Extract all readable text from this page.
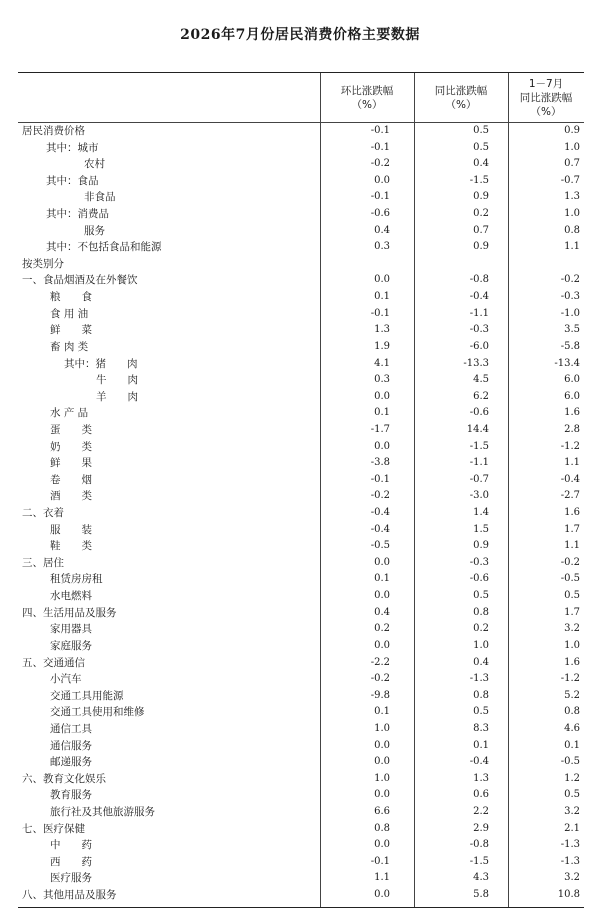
2026年7月份居民消费价格主要数据
环比涨跌幅
（%）
同比涨跌幅
（%）
1－7月
同比涨跌幅
（%）
居民消费价格	-0.1	0.5	0.9
其中：城市	-0.1	0.5	1.0
农村	-0.2	0.4	0.7
其中：食品	0.0	-1.5	-0.7
非食品	-0.1	0.9	1.3
其中：消费品	-0.6	0.2	1.0
服务	0.4	0.7	0.8
其中：不包括食品和能源	0.3	0.9	1.1
按类别分
一、食品烟酒及在外餐饮	0.0	-0.8	-0.2
粮　　食	0.1	-0.4	-0.3
食 用 油	-0.1	-1.1	-1.0
鲜　　菜	1.3	-0.3	3.5
畜 肉 类	1.9	-6.0	-5.8
其中：猪　　肉	4.1	-13.3	-13.4
牛　　肉	0.3	4.5	6.0
羊　　肉	0.0	6.2	6.0
水 产 品	0.1	-0.6	1.6
蛋　　类	-1.7	14.4	2.8
奶　　类	0.0	-1.5	-1.2
鲜　　果	-3.8	-1.1	1.1
卷　　烟	-0.1	-0.7	-0.4
酒　　类	-0.2	-3.0	-2.7
二、衣着	-0.4	1.4	1.6
服　　装	-0.4	1.5	1.7
鞋　　类	-0.5	0.9	1.1
三、居住	0.0	-0.3	-0.2
租赁房房租	0.1	-0.6	-0.5
水电燃料	0.0	0.5	0.5
四、生活用品及服务	0.4	0.8	1.7
家用器具	0.2	0.2	3.2
家庭服务	0.0	1.0	1.0
五、交通通信	-2.2	0.4	1.6
小汽车	-0.2	-1.3	-1.2
交通工具用能源	-9.8	0.8	5.2
交通工具使用和维修	0.1	0.5	0.8
通信工具	1.0	8.3	4.6
通信服务	0.0	0.1	0.1
邮递服务	0.0	-0.4	-0.5
六、教育文化娱乐	1.0	1.3	1.2
教育服务	0.0	0.6	0.5
旅行社及其他旅游服务	6.6	2.2	3.2
七、医疗保健	0.8	2.9	2.1
中　　药	0.0	-0.8	-1.3
西　　药	-0.1	-1.5	-1.3
医疗服务	1.1	4.3	3.2
八、其他用品及服务	0.0	5.8	10.8
